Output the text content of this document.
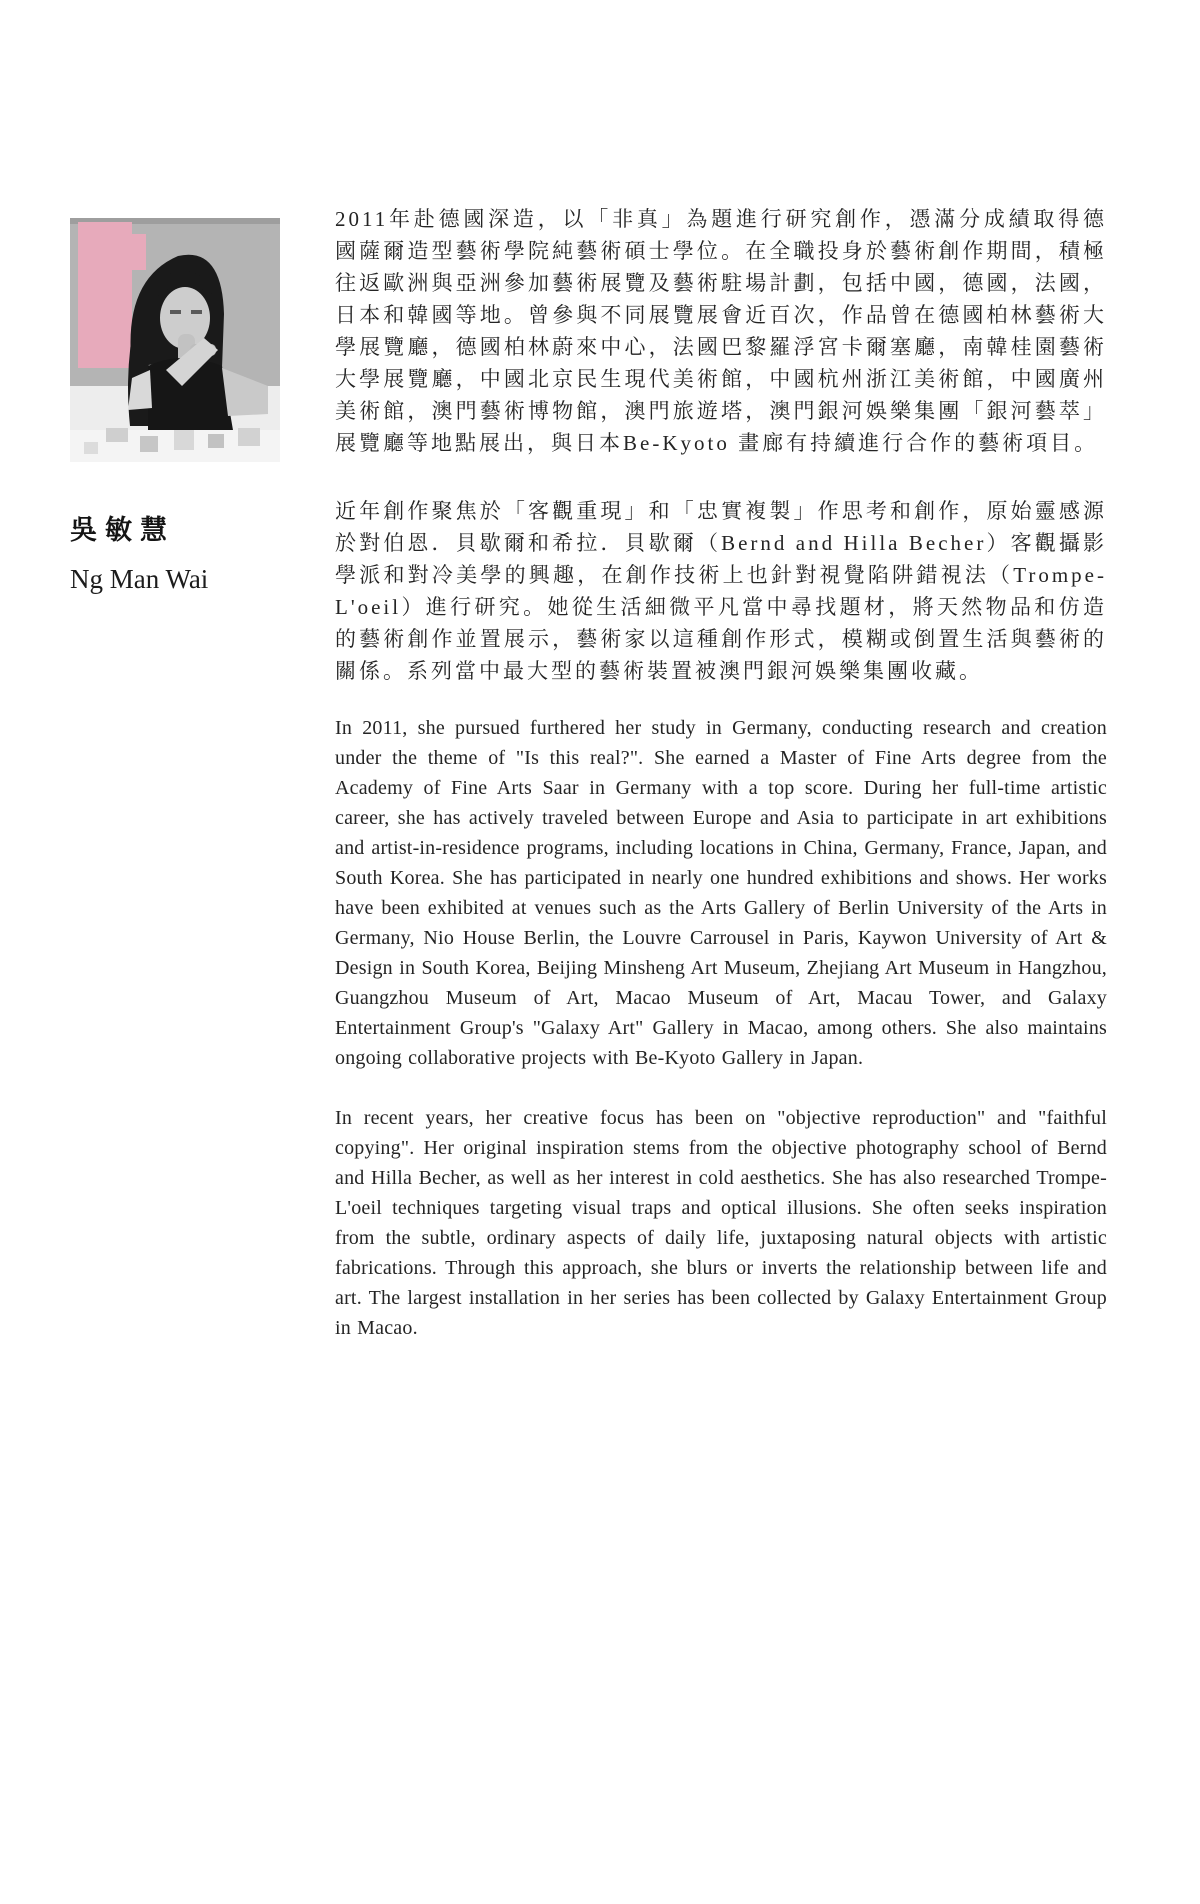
吳敏慧
Ng Man Wai

2011年赴德國深造，以「非真」為題進行研究創作，憑滿分成績取得德國薩爾造型藝術學院純藝術碩士學位。在全職投身於藝術創作期間，積極往返歐洲與亞洲參加藝術展覽及藝術駐場計劃，包括中國，德國，法國，日本和韓國等地。曾參與不同展覽展會近百次，作品曾在德國柏林藝術大學展覽廳，德國柏林蔚來中心，法國巴黎羅浮宮卡爾塞廳，南韓桂園藝術大學展覽廳，中國北京民生現代美術館，中國杭州浙江美術館，中國廣州美術館，澳門藝術博物館，澳門旅遊塔，澳門銀河娛樂集團「銀河藝萃」展覽廳等地點展出，與日本Be-Kyoto 畫廊有持續進行合作的藝術項目。

近年創作聚焦於「客觀重現」和「忠實複製」作思考和創作，原始靈感源於對伯恩．貝歇爾和希拉．貝歇爾（Bernd and Hilla Becher）客觀攝影學派和對冷美學的興趣，在創作技術上也針對視覺陷阱錯視法（Trompe-L'oeil）進行研究。她從生活細微平凡當中尋找題材，將天然物品和仿造的藝術創作並置展示，藝術家以這種創作形式，模糊或倒置生活與藝術的關係。系列當中最大型的藝術裝置被澳門銀河娛樂集團收藏。

In 2011, she pursued furthered her study in Germany, conducting research and creation under the theme of "Is this real?". She earned a Master of Fine Arts degree from the Academy of Fine Arts Saar in Germany with a top score. During her full-time artistic career, she has actively traveled between Europe and Asia to participate in art exhibitions and artist-in-residence programs, including locations in China, Germany, France, Japan, and South Korea. She has participated in nearly one hundred exhibitions and shows. Her works have been exhibited at venues such as the Arts Gallery of Berlin University of the Arts in Germany, Nio House Berlin, the Louvre Carrousel in Paris, Kaywon University of Art & Design in South Korea, Beijing Minsheng Art Museum, Zhejiang Art Museum in Hangzhou, Guangzhou Museum of Art, Macao Museum of Art, Macau Tower, and Galaxy Entertainment Group's "Galaxy Art" Gallery in Macao, among others. She also maintains ongoing collaborative projects with Be-Kyoto Gallery in Japan.

In recent years, her creative focus has been on "objective reproduction" and "faithful copying". Her original inspiration stems from the objective photography school of Bernd and Hilla Becher, as well as her interest in cold aesthetics. She has also researched Trompe-L'oeil techniques targeting visual traps and optical illusions. She often seeks inspiration from the subtle, ordinary aspects of daily life, juxtaposing natural objects with artistic fabrications. Through this approach, she blurs or inverts the relationship between life and art. The largest installation in her series has been collected by Galaxy Entertainment Group in Macao.
